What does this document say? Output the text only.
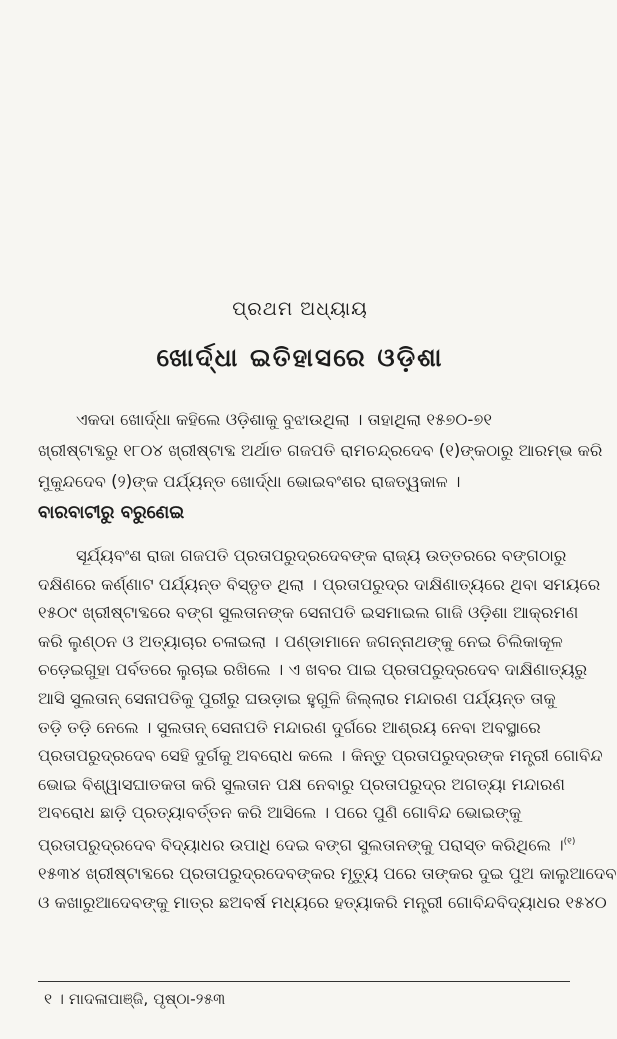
ପ୍ରଥମ ଅଧ୍ୟାୟ
ଖୋର୍ଦ୍ଧା ଇତିହାସରେ ଓଡ଼ିଶା
ଏକଦା ଖୋର୍ଦ୍ଧା କହିଲେ ଓଡ଼ିଶାକୁ ବୁଝାଉଥିଲା । ତାହାଥିଲା ୧୫୭୦-୭୧
ଖ୍ରୀଷ୍ଟାବ୍ଦରୁ ୧୮୦୪ ଖ୍ରୀଷ୍ଟାବ୍ଦ ଅର୍ଥାତ ଗଜପତି ରାମଚନ୍ଦ୍ରଦେବ (୧)ଙ୍କଠାରୁ ଆରମ୍ଭ କରି
ମୁକୁନ୍ଦଦେବ (୨)ଙ୍କ ପର୍ଯ୍ୟନ୍ତ ଖୋର୍ଦ୍ଧା ଭୋଇବଂଶର ରାଜତ୍ୱକାଳ ।
ବାରବାଟୀରୁ ବରୁଣେଇ
ସୂର୍ଯ୍ୟବଂଶ ରାଜା ଗଜପତି ପ୍ରତାପରୁଦ୍ରଦେବଙ୍କ ରାଜ୍ୟ ଉତ୍ତରରେ ବଙ୍ଗଠାରୁ
ଦକ୍ଷିଣରେ କର୍ଣ୍ଣାଟ ପର୍ଯ୍ୟନ୍ତ ବିସ୍ତୃତ ଥିଲା । ପ୍ରତାପରୁଦ୍ର ଦାକ୍ଷିଣାତ୍ୟରେ ଥିବା ସମୟରେ
୧୫୦୯ ଖ୍ରୀଷ୍ଟାବ୍ଦରେ ବଙ୍ଗ ସୁଲତାନଙ୍କ ସେନାପତି ଇସମାଇଲ ଗାଜି ଓଡ଼ିଶା ଆକ୍ରମଣ
କରି ଲୁଣ୍ଠନ ଓ ଅତ୍ୟାଚାର ଚଳାଇଲା । ପଣ୍ଡାମାନେ ଜଗନ୍ନାଥଙ୍କୁ ନେଇ ଚିଲିକାକୂଳ
ଚଡ଼େଇଗୁହା ପର୍ବତରେ ଲୁଚାଇ ରଖିଲେ । ଏ ଖବର ପାଇ ପ୍ରତାପରୁଦ୍ରଦେବ ଦାକ୍ଷିଣାତ୍ୟରୁ
ଆସି ସୁଲତାନ୍ ସେନାପତିକୁ ପୁରୀରୁ ଘଉଡ଼ାଇ ହୁଗୁଳି ଜିଲ୍ଲାର ମନ୍ଦାରଣ ପର୍ଯ୍ୟନ୍ତ ତାକୁ
ତଡ଼ି ତଡ଼ି ନେଲେ । ସୁଲତାନ୍ ସେନାପତି ମନ୍ଦାରଣ ଦୁର୍ଗରେ ଆଶ୍ରୟ ନେବା ଅବସ୍ଥାରେ
ପ୍ରତାପରୁଦ୍ରଦେବ ସେହି ଦୁର୍ଗକୁ ଅବରୋଧ କଲେ । କିନ୍ତୁ ପ୍ରତାପରୁଦ୍ରଙ୍କ ମନ୍ତ୍ରୀ ଗୋବିନ୍ଦ
ଭୋଇ ବିଶ୍ୱାସଘାତକତା କରି ସୁଲତାନ ପକ୍ଷ ନେବାରୁ ପ୍ରତାପରୁଦ୍ର ଅଗତ୍ୟା ମନ୍ଦାରଣ
ଅବରୋଧ ଛାଡ଼ି ପ୍ରତ୍ୟାବର୍ତ୍ତନ କରି ଆସିଲେ । ପରେ ପୁଣି ଗୋବିନ୍ଦ ଭୋଇଙ୍କୁ
ପ୍ରତାପରୁଦ୍ରଦେବ ବିଦ୍ୟାଧର ଉପାଧି ଦେଇ ବଙ୍ଗ ସୁଲତାନଙ୍କୁ ପରାସ୍ତ କରିଥିଲେ ।$^{(୧)}$
୧୫୩୪ ଖ୍ରୀଷ୍ଟାବ୍ଦରେ ପ୍ରତାପରୁଦ୍ରଦେବଙ୍କର ମୃତ୍ୟୁ ପରେ ତାଙ୍କର ଦୁଇ ପୁଅ କାଲୁଆଦେବ
ଓ କଖାରୁଆଦେବଙ୍କୁ ମାତ୍ର ଛଅବର୍ଷ ମଧ୍ୟରେ ହତ୍ୟାକରି ମନ୍ତ୍ରୀ ଗୋବିନ୍ଦବିଦ୍ୟାଧର ୧୫୪୦
୧ । ମାଦଳାପାଞ୍ଜି, ପୃଷ୍ଠା-୨୫୩
